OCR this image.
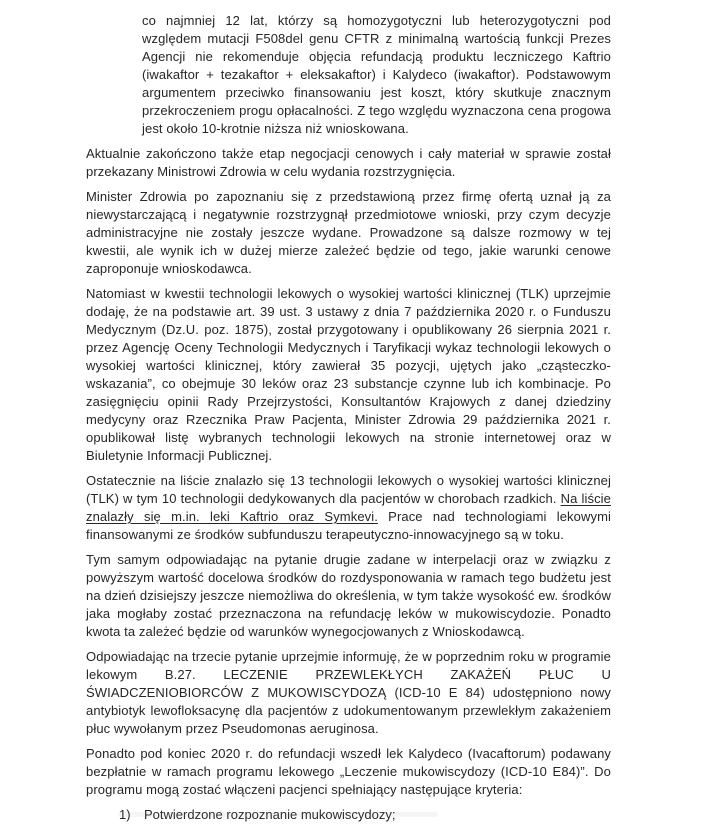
co najmniej 12 lat, którzy są homozygotyczni lub heterozygotyczni pod względem mutacji F508del genu CFTR z minimalną wartością funkcji Prezes Agencji nie rekomenduje objęcia refundacją produktu leczniczego Kaftrio (iwakaftor + tezakaftor + eleksakaftor) i Kalydeco (iwakaftor). Podstawowym argumentem przeciwko finansowaniu jest koszt, który skutkuje znacznym przekroczeniem progu opłacalności. Z tego względu wyznaczona cena progowa jest około 10-krotnie niższa niż wnioskowana.

Aktualnie zakończono także etap negocjacji cenowych i cały materiał w sprawie został przekazany Ministrowi Zdrowia w celu wydania rozstrzygnięcia.

Minister Zdrowia po zapoznaniu się z przedstawioną przez firmę ofertą uznał ją za niewystarczającą i negatywnie rozstrzygnął przedmiotowe wnioski, przy czym decyzje administracyjne nie zostały jeszcze wydane. Prowadzone są dalsze rozmowy w tej kwestii, ale wynik ich w dużej mierze zależeć będzie od tego, jakie warunki cenowe zaproponuje wnioskodawca.

Natomiast w kwestii technologii lekowych o wysokiej wartości klinicznej (TLK) uprzejmie dodaję, że na podstawie art. 39 ust. 3 ustawy z dnia 7 października 2020 r. o Funduszu Medycznym (Dz.U. poz. 1875), został przygotowany i opublikowany 26 sierpnia 2021 r. przez Agencję Oceny Technologii Medycznych i Taryfikacji wykaz technologii lekowych o wysokiej wartości klinicznej, który zawierał 35 pozycji, ujętych jako „cząsteczko-wskazania”, co obejmuje 30 leków oraz 23 substancje czynne lub ich kombinacje. Po zasięgnięciu opinii Rady Przejrzystości, Konsultantów Krajowych z danej dziedziny medycyny oraz Rzecznika Praw Pacjenta, Minister Zdrowia 29 października 2021 r. opublikował listę wybranych technologii lekowych na stronie internetowej oraz w Biuletynie Informacji Publicznej.

Ostatecznie na liście znalazło się 13 technologii lekowych o wysokiej wartości klinicznej (TLK) w tym 10 technologii dedykowanych dla pacjentów w chorobach rzadkich. Na liście znalazły się m.in. leki Kaftrio oraz Symkevi. Prace nad technologiami lekowymi finansowanymi ze środków subfunduszu terapeutyczno-innowacyjnego są w toku.

Tym samym odpowiadając na pytanie drugie zadane w interpelacji oraz w związku z powyższym wartość docelowa środków do rozdysponowania w ramach tego budżetu jest na dzień dzisiejszy jeszcze niemożliwa do określenia, w tym także wysokość ew. środków jaka mogłaby zostać przeznaczona na refundację leków w mukowiscydozie. Ponadto kwota ta zależeć będzie od warunków wynegocjowanych z Wnioskodawcą.

Odpowiadając na trzecie pytanie uprzejmie informuję, że w poprzednim roku w programie lekowym B.27. LECZENIE PRZEWLEKŁYCH ZAKAŻEŃ PŁUC U ŚWIADCZENIOBIORCÓW Z MUKOWISCYDOZĄ (ICD-10 E 84) udostępniono nowy antybiotyk lewofloksacynę dla pacjentów z udokumentowanym przewlekłym zakażeniem płuc wywołanym przez Pseudomonas aeruginosa.

Ponadto pod koniec 2020 r. do refundacji wszedł lek Kalydeco (Ivacaftorum) podawany bezpłatnie w ramach programu lekowego „Leczenie mukowiscydozy (ICD-10 E84)”. Do programu mogą zostać włączeni pacjenci spełniający następujące kryteria:

1)	Potwierdzone rozpoznanie mukowiscydozy;
